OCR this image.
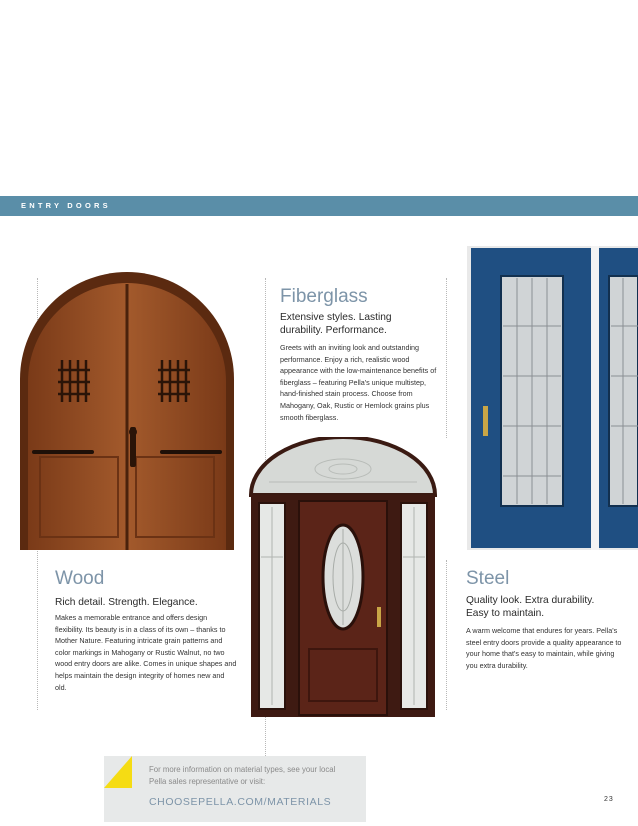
ENTRY DOORS
Wood
Rich detail. Strength. Elegance.
Makes a memorable entrance and offers design flexibility. Its beauty is in a class of its own – thanks to Mother Nature. Featuring intricate grain patterns and color markings in Mahogany or Rustic Walnut, no two wood entry doors are alike. Comes in unique shapes and helps maintain the design integrity of homes new and old.
Fiberglass
Extensive styles. Lasting durability. Performance.
Greets with an inviting look and outstanding performance. Enjoy a rich, realistic wood appearance with the low-maintenance benefits of fiberglass – featuring Pella's unique multistep, hand-finished stain process. Choose from Mahogany, Oak, Rustic or Hemlock grains plus smooth fiberglass.
Steel
Quality look. Extra durability. Easy to maintain.
A warm welcome that endures for years. Pella's steel entry doors provide a quality appearance to your home that's easy to maintain, while giving you extra durability.
For more information on material types, see your local Pella sales representative or visit:
CHOOSEPELLA.COM/MATERIALS	23
